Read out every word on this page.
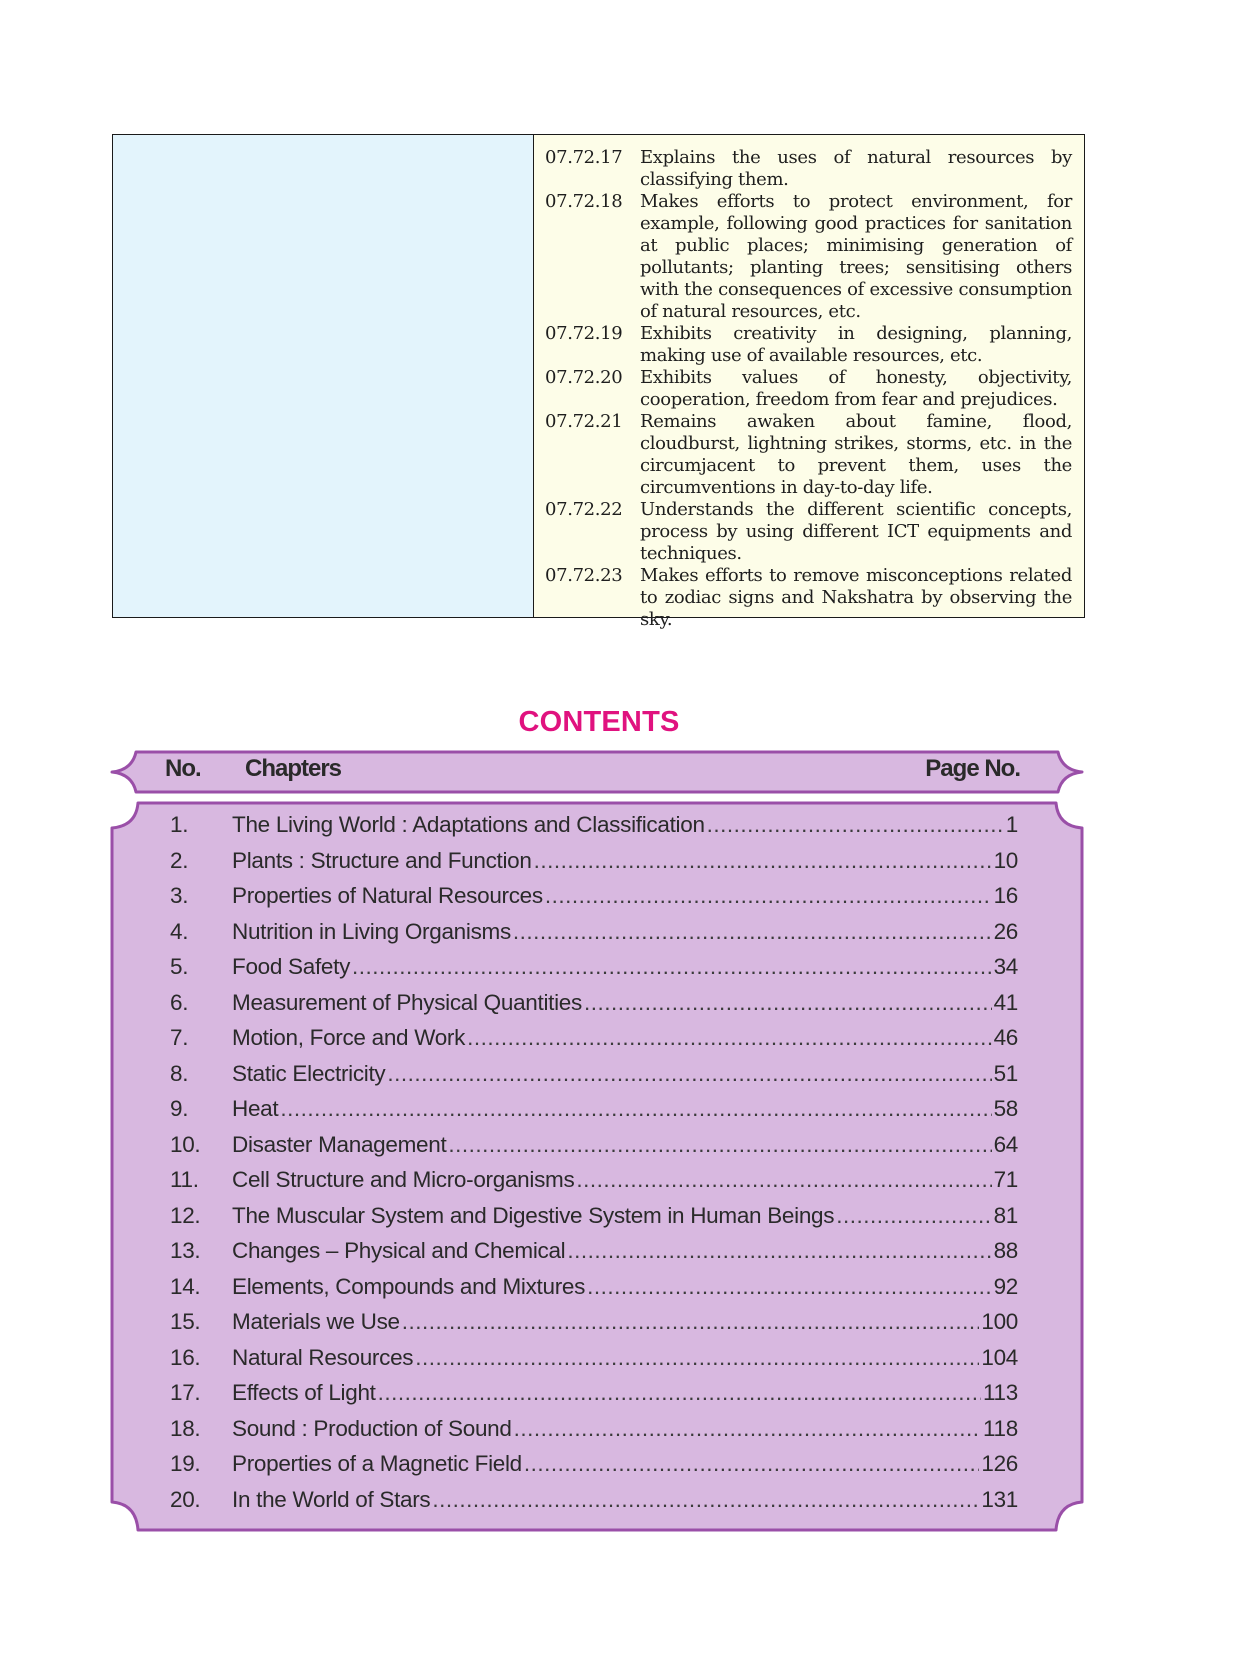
07.72.17 Explains the uses of natural resources by classifying them.
07.72.18 Makes efforts to protect environment, for example, following good practices for sanitation at public places; minimising generation of pollutants; planting trees; sensitising others with the consequences of excessive consumption of natural resources, etc.
07.72.19 Exhibits creativity in designing, planning, making use of available resources, etc.
07.72.20 Exhibits values of honesty, objectivity, cooperation, freedom from fear and prejudices.
07.72.21 Remains awaken about famine, flood, cloudburst, lightning strikes, storms, etc. in the circumjacent to prevent them, uses the circumventions in day-to-day life.
07.72.22 Understands the different scientific concepts, process by using different ICT equipments and techniques.
07.72.23 Makes efforts to remove misconceptions related to zodiac signs and Nakshatra by observing the sky.
CONTENTS
No. Chapters	Page No.
1.	The Living World : Adaptations and Classification .....	1
2.	Plants : Structure and Function .....	10
3.	Properties of Natural Resources .....	16
4.	Nutrition in Living Organisms .....	26
5.	Food Safety .....	34
6.	Measurement of Physical Quantities .....	41
7.	Motion, Force and Work .....	46
8.	Static Electricity .....	51
9.	Heat .....	58
10.	Disaster Management .....	64
11.	Cell Structure and Micro-organisms .....	71
12.	The Muscular System and Digestive System in Human Beings .....	81
13.	Changes – Physical and Chemical .....	88
14.	Elements, Compounds and Mixtures .....	92
15.	Materials we Use .....	100
16.	Natural Resources .....	104
17.	Effects of Light .....	113
18.	Sound : Production of Sound .....	118
19.	Properties of a Magnetic Field .....	126
20.	In the World of Stars .....	131
